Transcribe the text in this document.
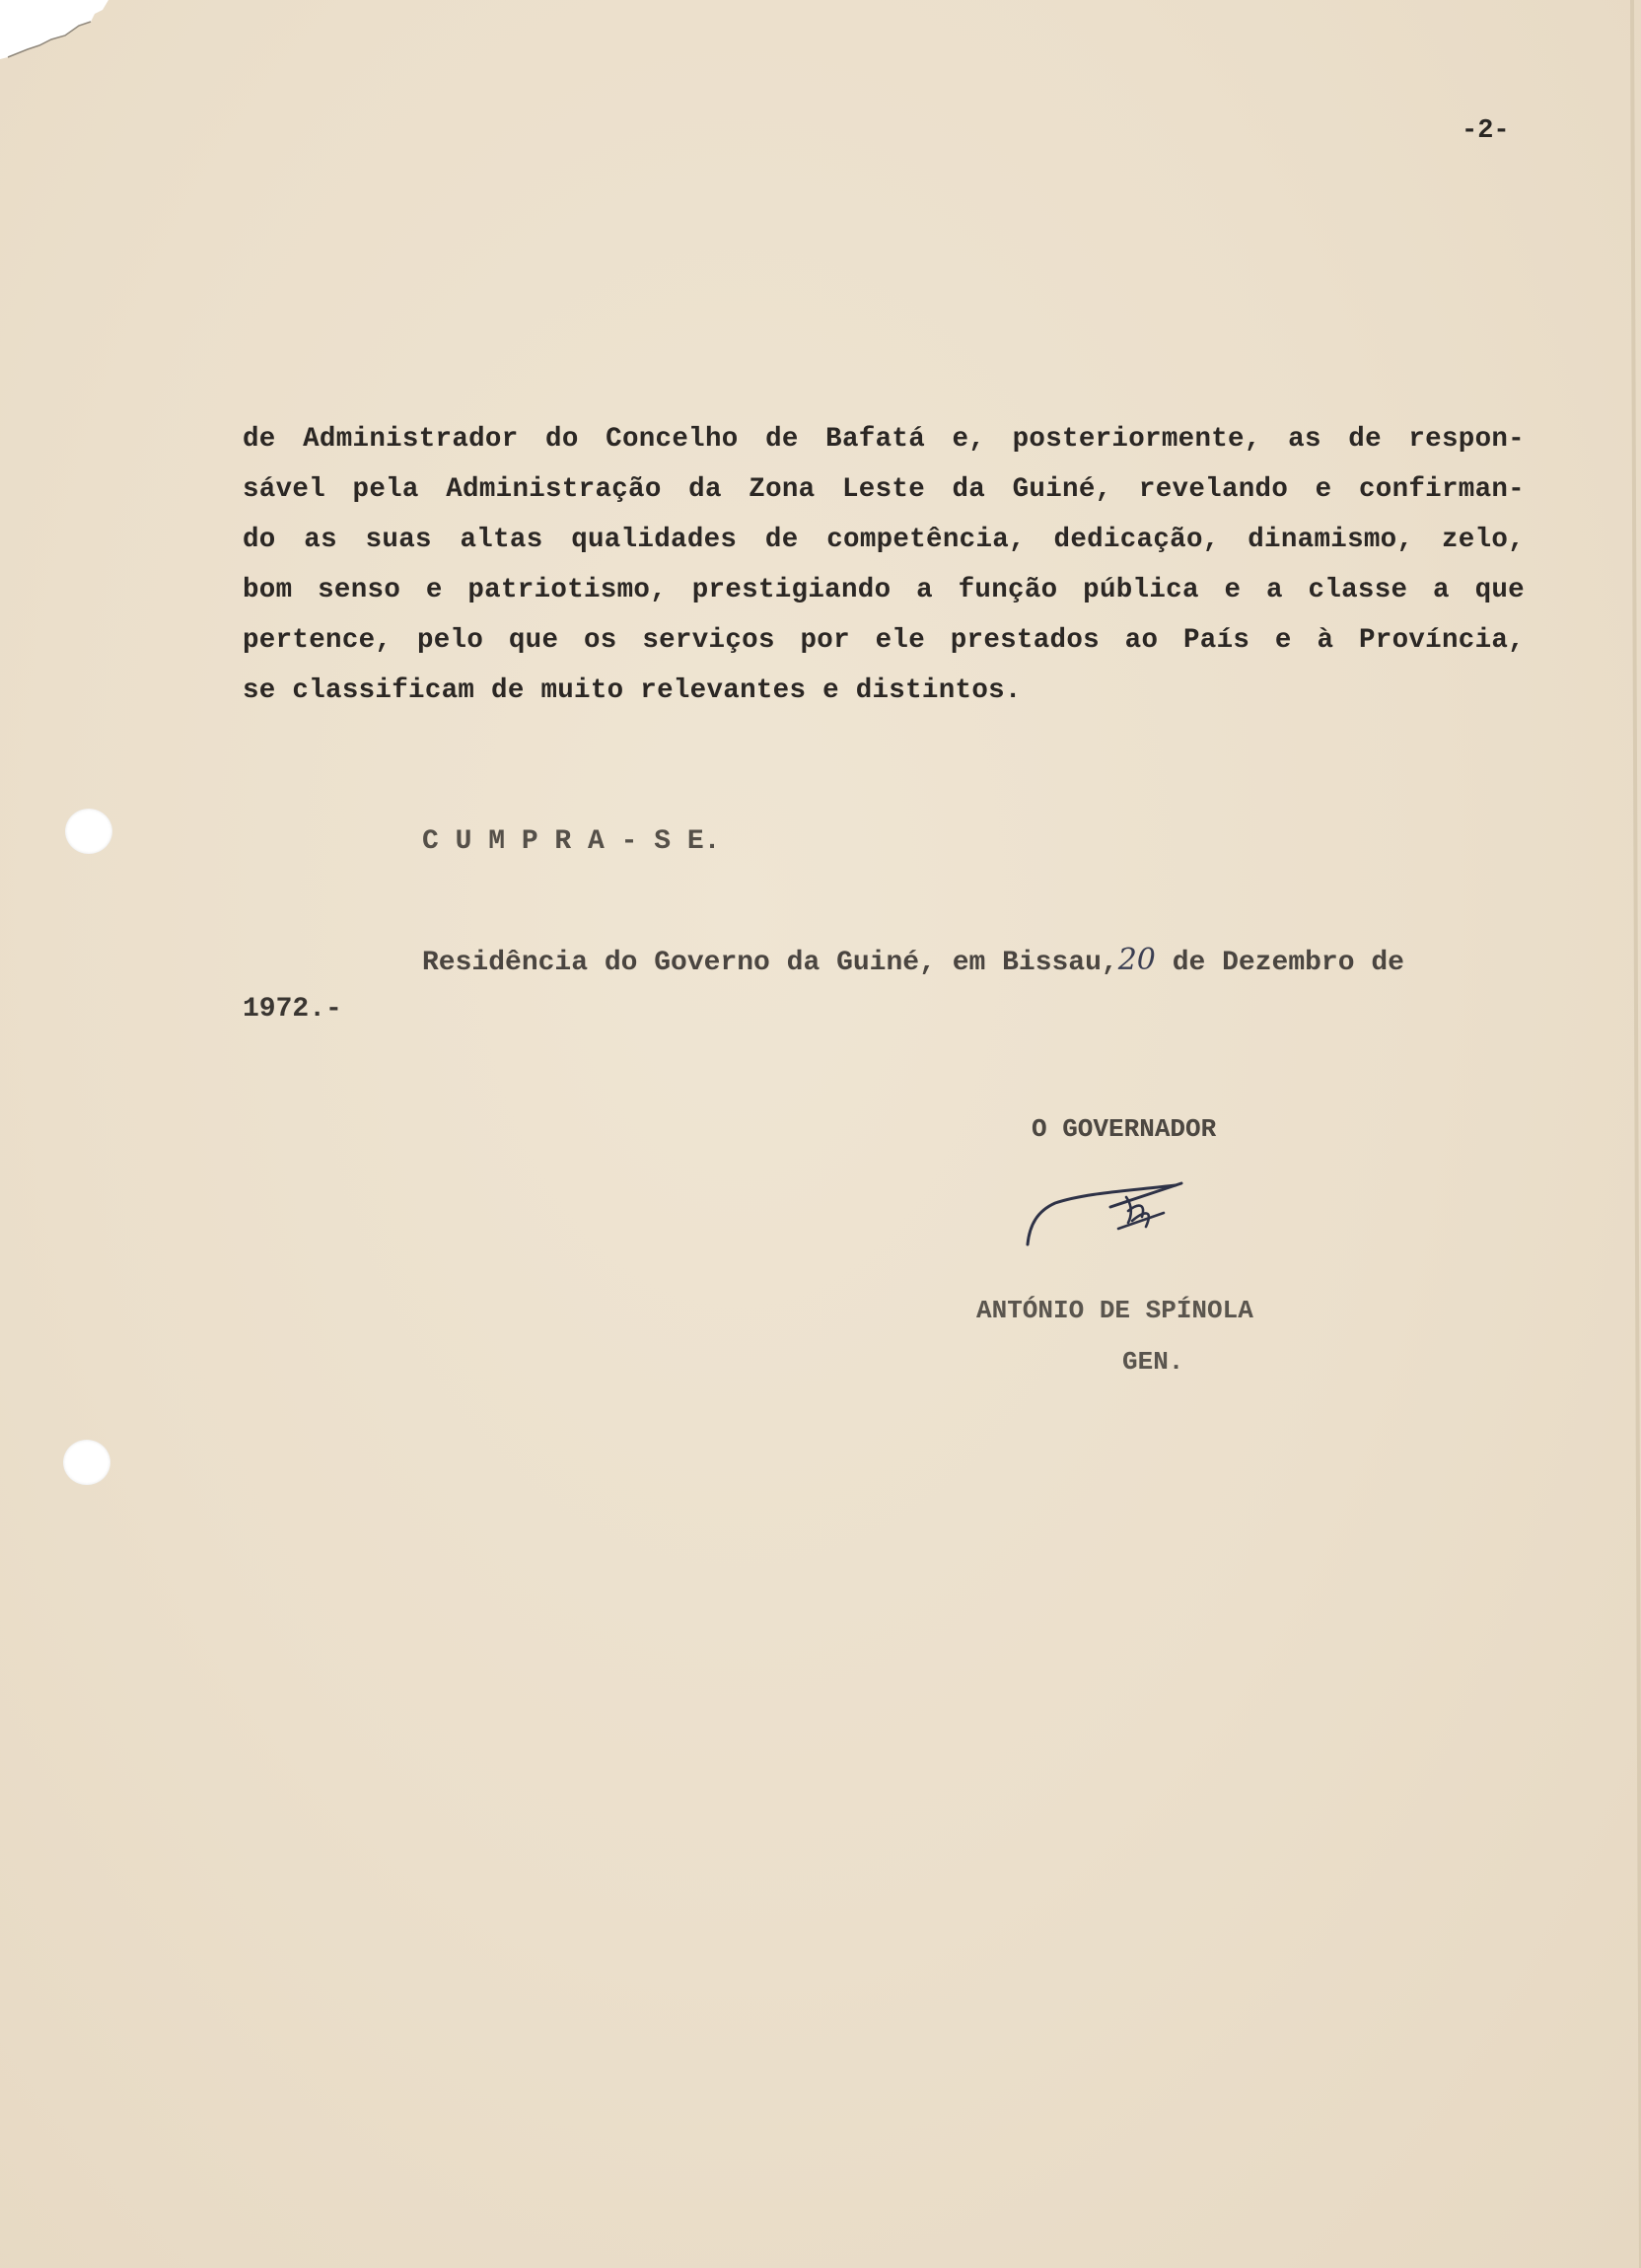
-2-
de Administrador do Concelho de Bafatá e, posteriormente, as de respon-
sável pela Administração da Zona Leste da Guiné, revelando e confirman-
do as suas altas qualidades de competência, dedicação, dinamismo, zelo,
bom senso e patriotismo, prestigiando a função pública e a classe a que
pertence, pelo que os serviços por ele prestados ao País e à Província,
se classificam de muito relevantes e distintos.
C U M P R A - S E.
Residência do Governo da Guiné, em Bissau,20 de Dezembro de
1972.-
O GOVERNADOR
ANTÓNIO DE SPÍNOLA
GEN.
